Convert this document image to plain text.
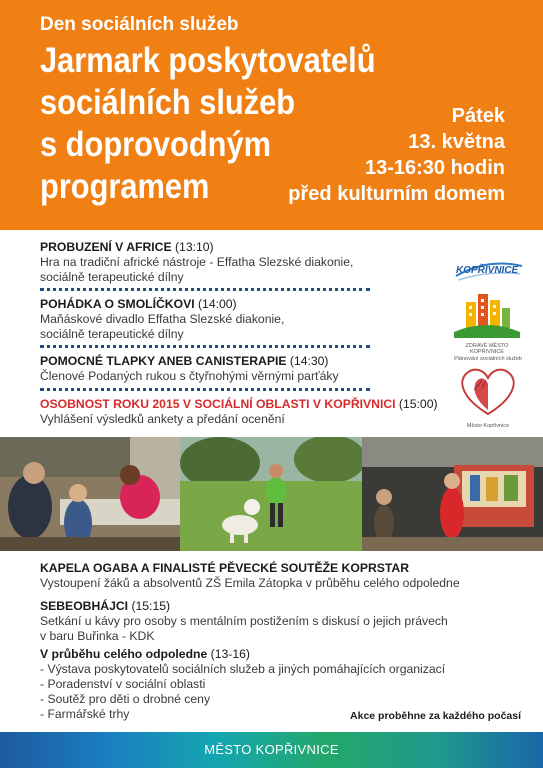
Den sociálních služeb
Jarmark poskytovatelů
sociálních služeb
s doprovodným
programem
Pátek
13. května
13-16:30 hodin
před kulturním domem
PROBUZENÍ V AFRICE (13:10)
Hra na tradiční africké nástroje - Effatha Slezské diakonie,
sociálně terapeutické dílny
POHÁDKA O SMOLÍČKOVI (14:00)
Maňáskové divadlo Effatha Slezské diakonie,
sociálně terapeutické dílny
POMOCNÉ TLAPKY ANEB CANISTERAPIE (14:30)
Členové Podaných rukou s čtyřnohými věrnými parťáky
OSOBNOST ROKU 2015 V SOCIÁLNÍ OBLASTI V KOPŘIVNICI (15:00)
Vyhlášení výsledků ankety a předání ocenění
KOPŘIVNICE
ZDRAVÉ MĚSTO KOPŘIVNICE
Plánování sociálních služeb
Město Kopřivnice
KAPELA OGABA A FINALISTÉ PĚVECKÉ SOUTĚŽE KOPRSTAR
Vystoupení žáků a absolventů ZŠ Emila Zátopka v průběhu celého odpoledne
SEBEOBHÁJCI (15:15)
Setkání u kávy pro osoby s mentálním postižením s diskusí o jejich právech
v baru Buřinka - KDK
V průběhu celého odpoledne (13-16)
- Výstava poskytovatelů sociálních služeb a jiných pomáhajících organizací
- Poradenství v sociální oblasti
- Soutěž pro děti o drobné ceny
- Farmářské trhy	Akce proběhne za každého počasí
MĚSTO KOPŘIVNICE
